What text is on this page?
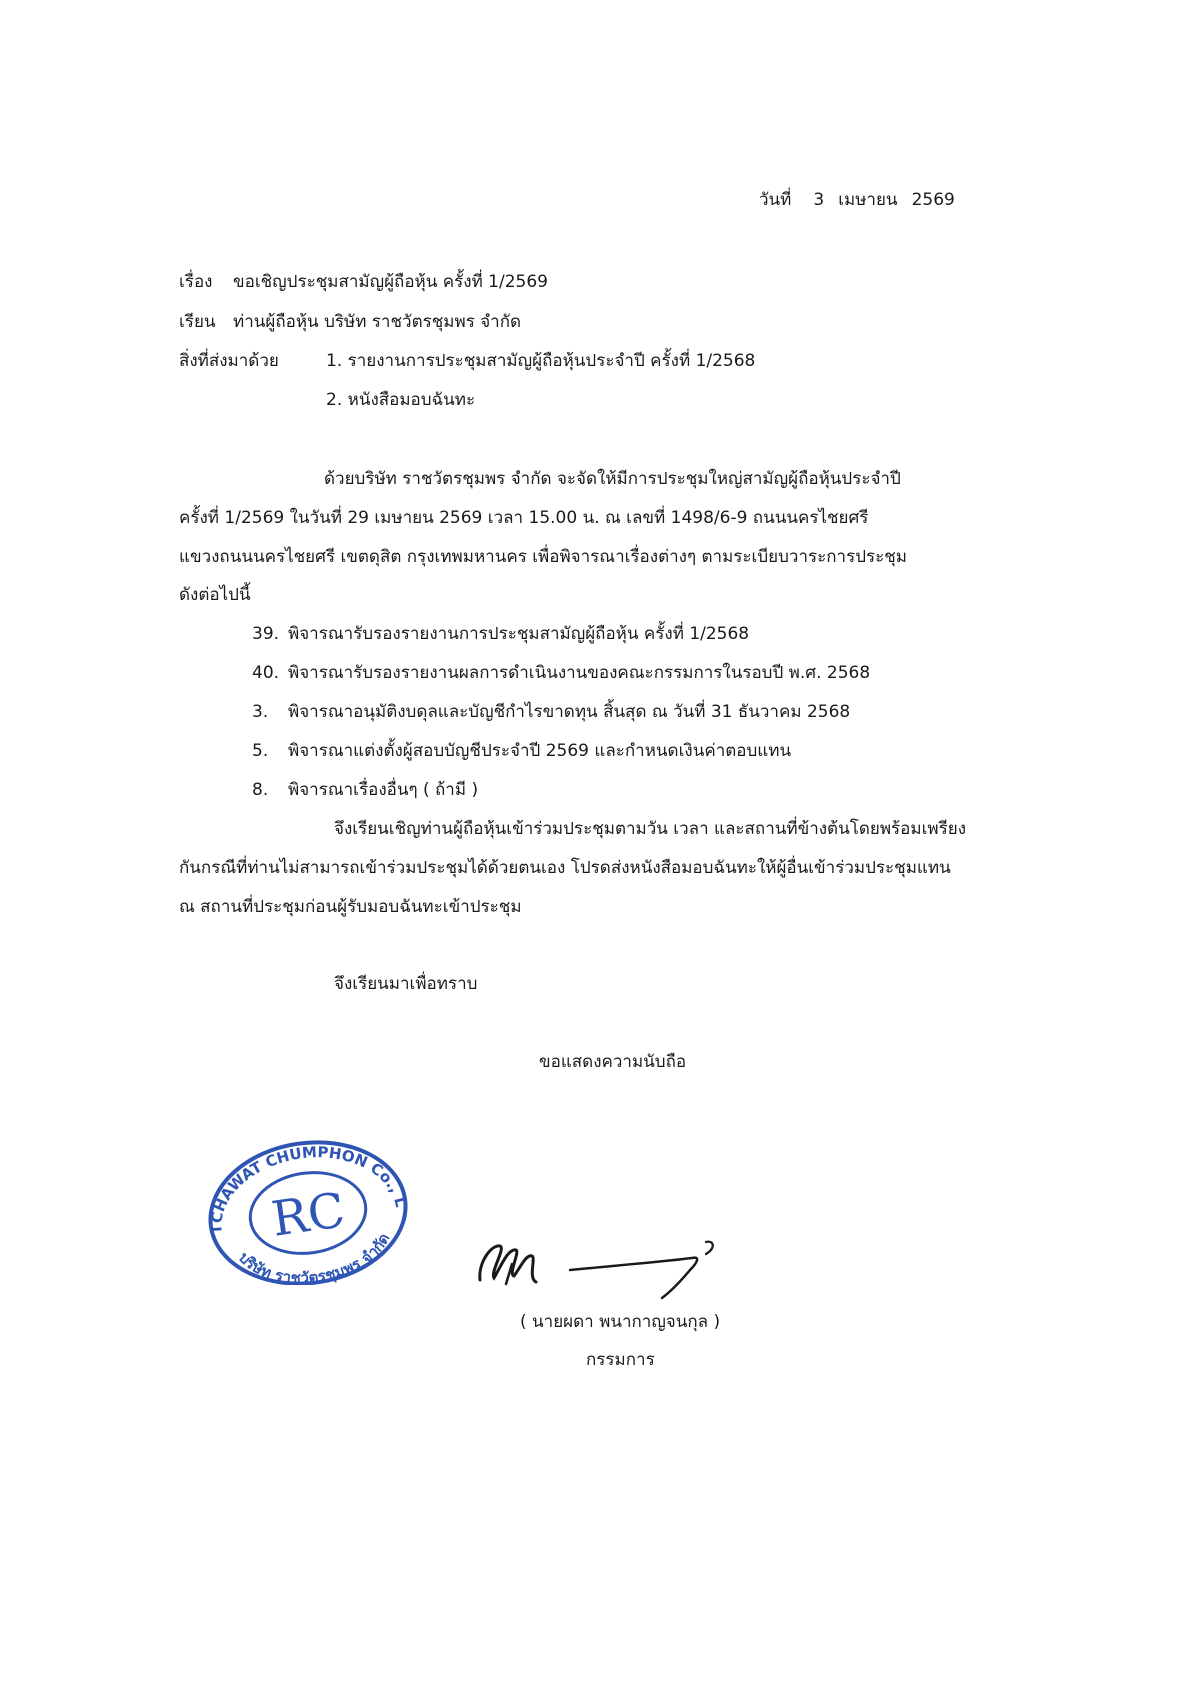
วันที่ 3 เมษายน 2569
เรื่อง ขอเชิญประชุมสามัญผู้ถือหุ้น ครั้งที่ 1/2569
เรียน ท่านผู้ถือหุ้น บริษัท ราชวัตรชุมพร จำกัด
สิ่งที่ส่งมาด้วย	1. รายงานการประชุมสามัญผู้ถือหุ้นประจำปี ครั้งที่ 1/2568
2. หนังสือมอบฉันทะ
ด้วยบริษัท ราชวัตรชุมพร จำกัด จะจัดให้มีการประชุมใหญ่สามัญผู้ถือหุ้นประจำปี
ครั้งที่ 1/2569 ในวันที่ 29 เมษายน 2569 เวลา 15.00 น. ณ เลขที่ 1498/6-9 ถนนนครไชยศรี
แขวงถนนนครไชยศรี เขตดุสิต กรุงเทพมหานคร เพื่อพิจารณาเรื่องต่างๆ ตามระเบียบวาระการประชุม
ดังต่อไปนี้
39. พิจารณารับรองรายงานการประชุมสามัญผู้ถือหุ้น ครั้งที่ 1/2568
40. พิจารณารับรองรายงานผลการดำเนินงานของคณะกรรมการในรอบปี พ.ศ. 2568
3. พิจารณาอนุมัติงบดุลและบัญชีกำไรขาดทุน สิ้นสุด ณ วันที่ 31 ธันวาคม 2568
5. พิจารณาแต่งตั้งผู้สอบบัญชีประจำปี 2569 และกำหนดเงินค่าตอบแทน
8. พิจารณาเรื่องอื่นๆ ( ถ้ามี )
จึงเรียนเชิญท่านผู้ถือหุ้นเข้าร่วมประชุมตามวัน เวลา และสถานที่ข้างต้นโดยพร้อมเพรียง
กันกรณีที่ท่านไม่สามารถเข้าร่วมประชุมได้ด้วยตนเอง โปรดส่งหนังสือมอบฉันทะให้ผู้อื่นเข้าร่วมประชุมแทน
ณ สถานที่ประชุมก่อนผู้รับมอบฉันทะเข้าประชุม
จึงเรียนมาเพื่อทราบ
ขอแสดงความนับถือ
RATCHAWAT CHUMPHON Co., Ltd.
บริษัท ราชวัตรชุมพร จำกัด
RC
( นายผดา พนากาญจนกุล )
กรรมการ
